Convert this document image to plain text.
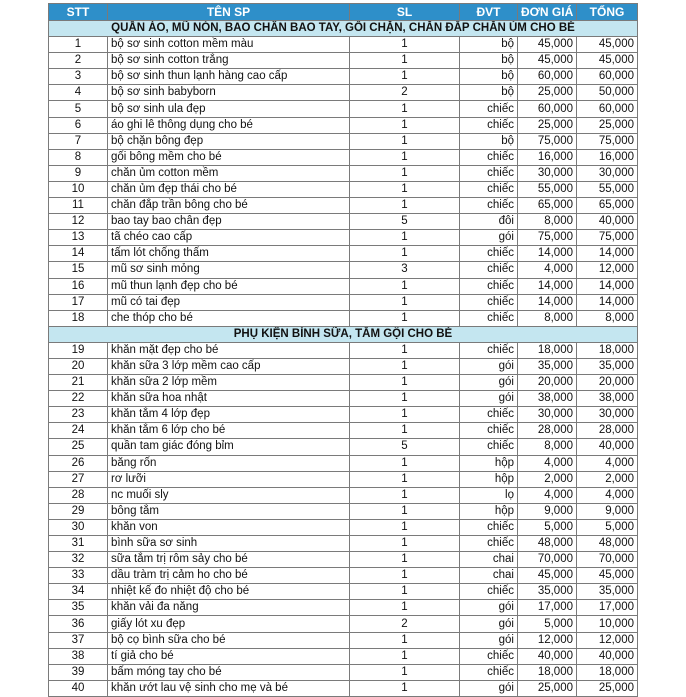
STT	TÊN SP	SL	ĐVT	ĐƠN GIÁ	TỔNG
QUẦN ÁO, MŨ NÓN, BAO CHÂN BAO TAY, GỐI CHẶN, CHĂN ĐẮP CHĂN ỦM CHO BÉ					
1	bộ sơ sinh cotton mềm màu	1	bộ	45,000	45,000
2	bộ sơ sinh cotton trắng	1	bộ	45,000	45,000
3	bộ sơ sinh thun lạnh hàng cao cấp	1	bộ	60,000	60,000
4	bộ sơ sinh babyborn	2	bộ	25,000	50,000
5	bộ sơ sinh ula đẹp	1	chiếc	60,000	60,000
6	áo ghi lê thông dụng cho bé	1	chiếc	25,000	25,000
7	bộ chặn bông đẹp	1	bộ	75,000	75,000
8	gối bông mềm cho bé	1	chiếc	16,000	16,000
9	chăn ủm cotton mềm	1	chiếc	30,000	30,000
10	chăn ủm đẹp thái cho bé	1	chiếc	55,000	55,000
11	chăn đắp trần bông cho bé	1	chiếc	65,000	65,000
12	bao tay bao chân đẹp	5	đôi	8,000	40,000
13	tã chéo cao cấp	1	gói	75,000	75,000
14	tấm lót chống thấm	1	chiếc	14,000	14,000
15	mũ sơ sinh mỏng	3	chiếc	4,000	12,000
16	mũ thun lạnh đẹp cho bé	1	chiếc	14,000	14,000
17	mũ có tai đẹp	1	chiếc	14,000	14,000
18	che thóp cho bé	1	chiếc	8,000	8,000
PHỤ KIỆN BÌNH SỮA, TẮM GỘI CHO BÉ					
19	khăn mặt đẹp cho bé	1	chiếc	18,000	18,000
20	khăn sữa 3 lớp mềm cao cấp	1	gói	35,000	35,000
21	khăn sữa 2 lớp mềm	1	gói	20,000	20,000
22	khăn sữa hoa nhật	1	gói	38,000	38,000
23	khăn tắm 4 lớp đẹp	1	chiếc	30,000	30,000
24	khăn tắm 6 lớp cho bé	1	chiếc	28,000	28,000
25	quần tam giác đóng bỉm	5	chiếc	8,000	40,000
26	băng rốn	1	hộp	4,000	4,000
27	rơ lưỡi	1	hộp	2,000	2,000
28	nc muối sly	1	lọ	4,000	4,000
29	bông tắm	1	hộp	9,000	9,000
30	khăn von	1	chiếc	5,000	5,000
31	bình sữa sơ sinh	1	chiếc	48,000	48,000
32	sữa tắm trị rôm sảy cho bé	1	chai	70,000	70,000
33	dầu tràm trị cảm ho cho bé	1	chai	45,000	45,000
34	nhiệt kế đo nhiệt độ cho bé	1	chiếc	35,000	35,000
35	khăn vải đa năng	1	gói	17,000	17,000
36	giấy lót xu đẹp	2	gói	5,000	10,000
37	bộ cọ bình sữa cho bé	1	gói	12,000	12,000
38	tí giả cho bé	1	chiếc	40,000	40,000
39	bấm móng tay cho bé	1	chiếc	18,000	18,000
40	khăn ướt lau vệ sinh cho mẹ và bé	1	gói	25,000	25,000
